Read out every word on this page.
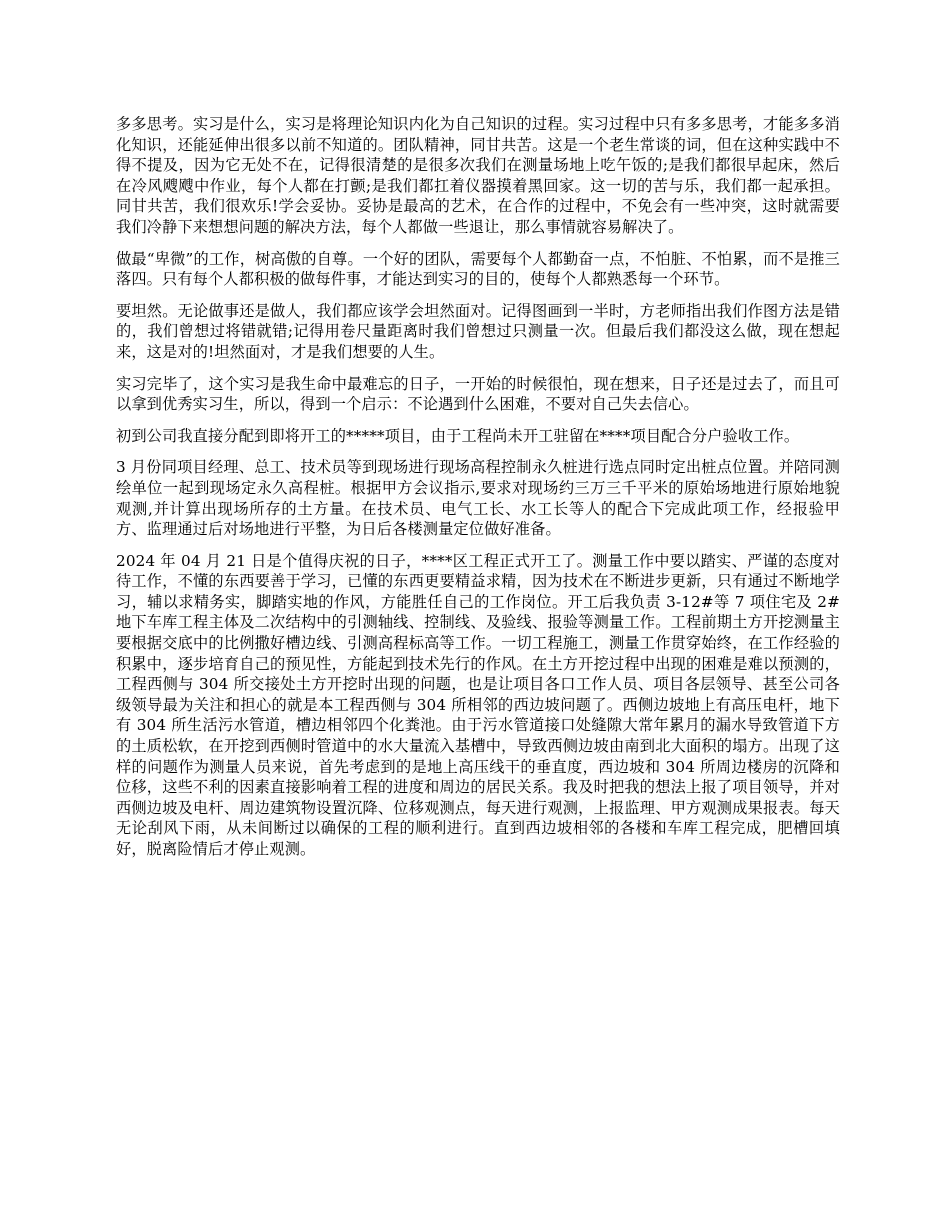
多多思考。实习是什么，实习是将理论知识内化为自己知识的过程。实习过程中只有多多思考，才能多多消化知识，还能延伸出很多以前不知道的。团队精神，同甘共苦。这是一个老生常谈的词，但在这种实践中不得不提及，因为它无处不在，记得很清楚的是很多次我们在测量场地上吃午饭的;是我们都很早起床，然后在冷风飕飕中作业，每个人都在打颤;是我们都扛着仪器摸着黑回家。这一切的苦与乐，我们都一起承担。同甘共苦，我们很欢乐!学会妥协。妥协是最高的艺术，在合作的过程中，不免会有一些冲突，这时就需要我们冷静下来想想问题的解决方法，每个人都做一些退让，那么事情就容易解决了。

做最“卑微”的工作，树高傲的自尊。一个好的团队，需要每个人都勤奋一点，不怕脏、不怕累，而不是推三落四。只有每个人都积极的做每件事，才能达到实习的目的，使每个人都熟悉每一个环节。

要坦然。无论做事还是做人，我们都应该学会坦然面对。记得图画到一半时，方老师指出我们作图方法是错的，我们曾想过将错就错;记得用卷尺量距离时我们曾想过只测量一次。但最后我们都没这么做，现在想起来，这是对的!坦然面对，才是我们想要的人生。

实习完毕了，这个实习是我生命中最难忘的日子，一开始的时候很怕，现在想来，日子还是过去了，而且可以拿到优秀实习生，所以，得到一个启示：不论遇到什么困难，不要对自己失去信心。

初到公司我直接分配到即将开工的*****项目，由于工程尚未开工驻留在****项目配合分户验收工作。

3 月份同项目经理、总工、技术员等到现场进行现场高程控制永久桩进行选点同时定出桩点位置。并陪同测绘单位一起到现场定永久高程桩。根据甲方会议指示,要求对现场约三万三千平米的原始场地进行原始地貌观测,并计算出现场所存的土方量。在技术员、电气工长、水工长等人的配合下完成此项工作，经报验甲方、监理通过后对场地进行平整，为日后各楼测量定位做好准备。

2024 年 04 月 21 日是个值得庆祝的日子，****区工程正式开工了。测量工作中要以踏实、严谨的态度对待工作，不懂的东西要善于学习，已懂的东西更要精益求精，因为技术在不断进步更新，只有通过不断地学习，辅以求精务实，脚踏实地的作风，方能胜任自己的工作岗位。开工后我负责 3-12#等 7 项住宅及 2#地下车库工程主体及二次结构中的引测轴线、控制线、及验线、报验等测量工作。工程前期土方开挖测量主要根据交底中的比例撒好槽边线、引测高程标高等工作。一切工程施工，测量工作贯穿始终，在工作经验的积累中，逐步培育自己的预见性，方能起到技术先行的作风。在土方开挖过程中出现的困难是难以预测的，工程西侧与 304 所交接处土方开挖时出现的问题，也是让项目各口工作人员、项目各层领导、甚至公司各级领导最为关注和担心的就是本工程西侧与 304 所相邻的西边坡问题了。西侧边坡地上有高压电杆，地下有 304 所生活污水管道，槽边相邻四个化粪池。由于污水管道接口处缝隙大常年累月的漏水导致管道下方的土质松软，在开挖到西侧时管道中的水大量流入基槽中，导致西侧边坡由南到北大面积的塌方。出现了这样的问题作为测量人员来说，首先考虑到的是地上高压线干的垂直度，西边坡和 304 所周边楼房的沉降和位移，这些不利的因素直接影响着工程的进度和周边的居民关系。我及时把我的想法上报了项目领导，并对西侧边坡及电杆、周边建筑物设置沉降、位移观测点，每天进行观测，上报监理、甲方观测成果报表。每天无论刮风下雨，从未间断过以确保的工程的顺利进行。直到西边坡相邻的各楼和车库工程完成，肥槽回填好，脱离险情后才停止观测。
